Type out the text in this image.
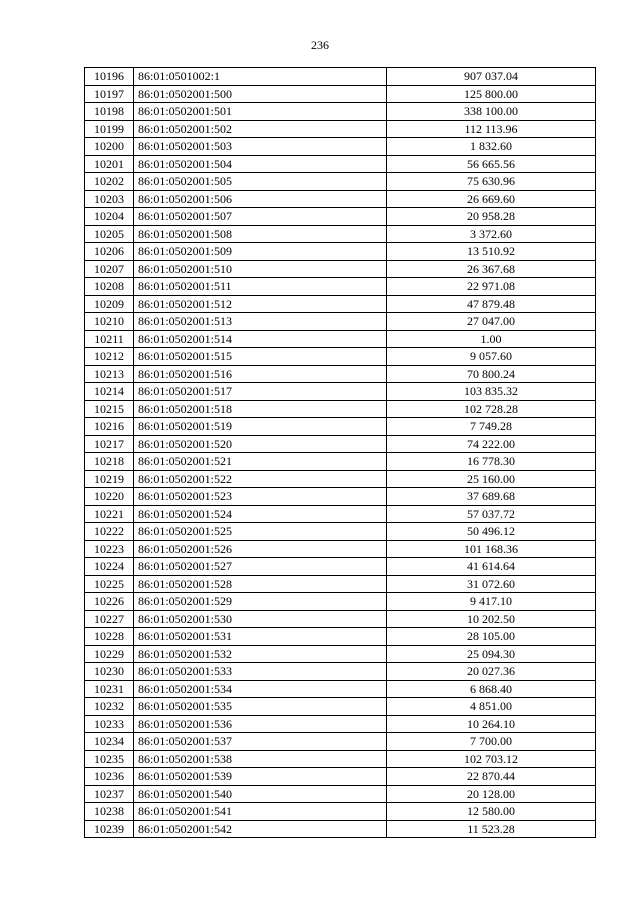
236
10196	86:01:0501002:1	907 037.04
10197	86:01:0502001:500	125 800.00
10198	86:01:0502001:501	338 100.00
10199	86:01:0502001:502	112 113.96
10200	86:01:0502001:503	1 832.60
10201	86:01:0502001:504	56 665.56
10202	86:01:0502001:505	75 630.96
10203	86:01:0502001:506	26 669.60
10204	86:01:0502001:507	20 958.28
10205	86:01:0502001:508	3 372.60
10206	86:01:0502001:509	13 510.92
10207	86:01:0502001:510	26 367.68
10208	86:01:0502001:511	22 971.08
10209	86:01:0502001:512	47 879.48
10210	86:01:0502001:513	27 047.00
10211	86:01:0502001:514	1.00
10212	86:01:0502001:515	9 057.60
10213	86:01:0502001:516	70 800.24
10214	86:01:0502001:517	103 835.32
10215	86:01:0502001:518	102 728.28
10216	86:01:0502001:519	7 749.28
10217	86:01:0502001:520	74 222.00
10218	86:01:0502001:521	16 778.30
10219	86:01:0502001:522	25 160.00
10220	86:01:0502001:523	37 689.68
10221	86:01:0502001:524	57 037.72
10222	86:01:0502001:525	50 496.12
10223	86:01:0502001:526	101 168.36
10224	86:01:0502001:527	41 614.64
10225	86:01:0502001:528	31 072.60
10226	86:01:0502001:529	9 417.10
10227	86:01:0502001:530	10 202.50
10228	86:01:0502001:531	28 105.00
10229	86:01:0502001:532	25 094.30
10230	86:01:0502001:533	20 027.36
10231	86:01:0502001:534	6 868.40
10232	86:01:0502001:535	4 851.00
10233	86:01:0502001:536	10 264.10
10234	86:01:0502001:537	7 700.00
10235	86:01:0502001:538	102 703.12
10236	86:01:0502001:539	22 870.44
10237	86:01:0502001:540	20 128.00
10238	86:01:0502001:541	12 580.00
10239	86:01:0502001:542	11 523.28
